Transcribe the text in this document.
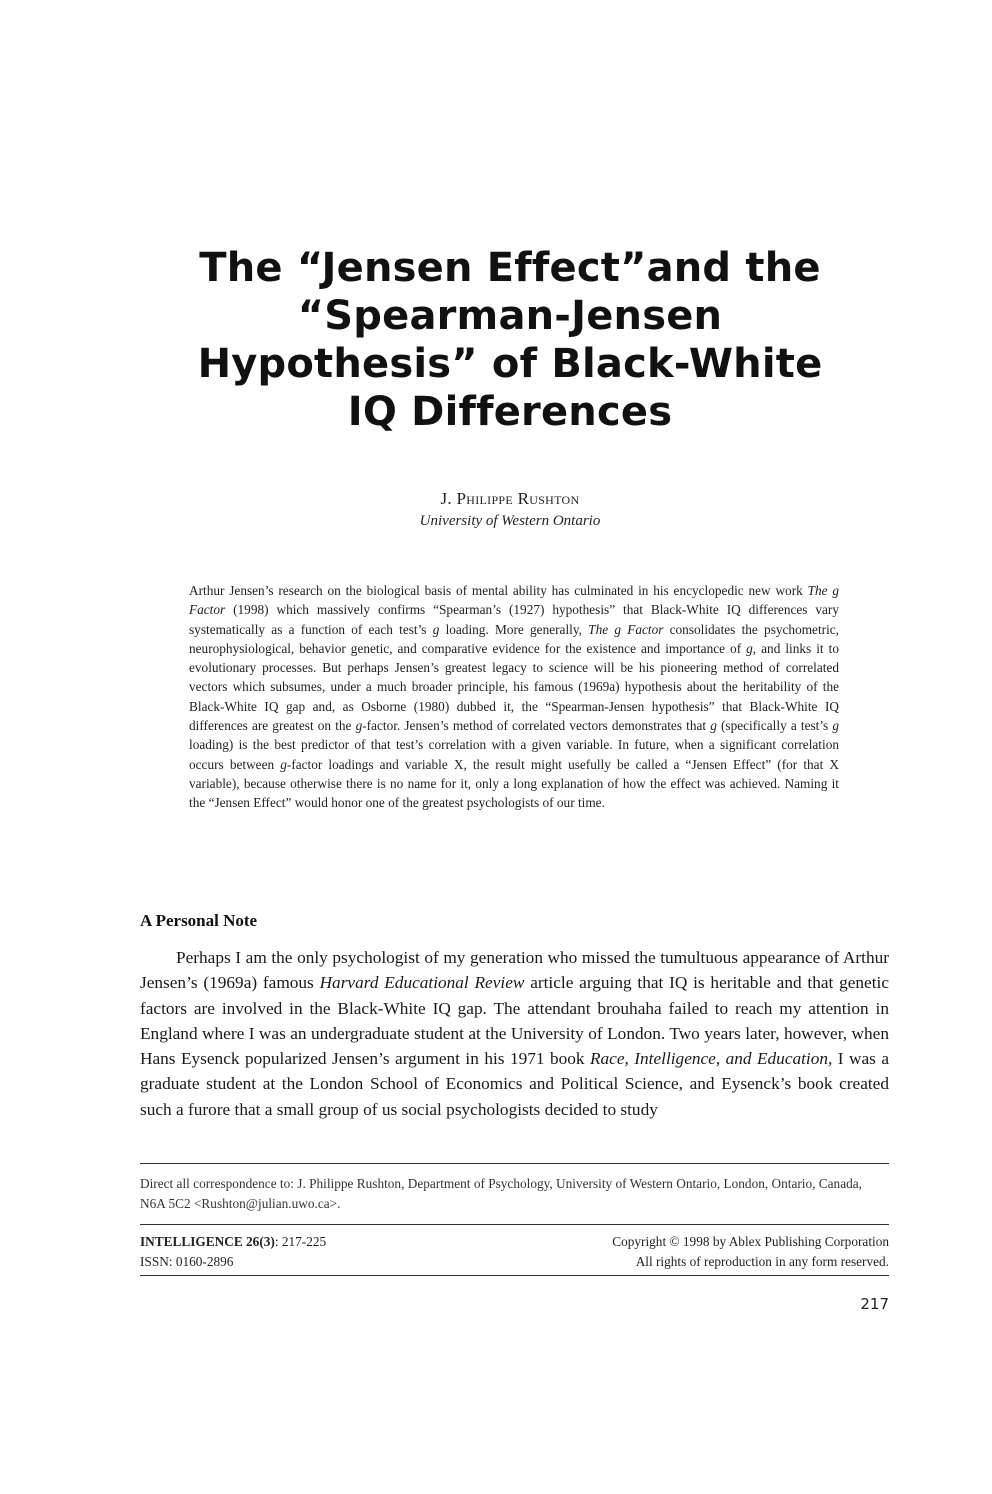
The “Jensen Effect”and the
“Spearman-Jensen
Hypothesis” of Black-White
IQ Differences
J. Philippe Rushton
University of Western Ontario

Arthur Jensen’s research on the biological basis of mental ability has culminated in his encyclopedic new work The g Factor (1998) which massively confirms “Spearman’s (1927) hypothesis” that Black-White IQ differences vary systematically as a function of each test’s g loading. More generally, The g Factor consolidates the psychometric, neurophysiological, behavior genetic, and comparative evidence for the existence and importance of g, and links it to evolutionary processes. But perhaps Jensen’s greatest legacy to science will be his pioneering method of correlated vectors which subsumes, under a much broader principle, his famous (1969a) hypothesis about the heritability of the Black-White IQ gap and, as Osborne (1980) dubbed it, the “Spearman-Jensen hypothesis” that Black-White IQ differences are greatest on the g-factor. Jensen’s method of correlated vectors demonstrates that g (specifically a test’s g loading) is the best predictor of that test’s correlation with a given variable. In future, when a significant correlation occurs between g-factor loadings and variable X, the result might usefully be called a “Jensen Effect” (for that X variable), because otherwise there is no name for it, only a long explanation of how the effect was achieved. Naming it the “Jensen Effect” would honor one of the greatest psychologists of our time.

A Personal Note

Perhaps I am the only psychologist of my generation who missed the tumultuous appearance of Arthur Jensen’s (1969a) famous Harvard Educational Review article arguing that IQ is heritable and that genetic factors are involved in the Black-White IQ gap. The attendant brouhaha failed to reach my attention in England where I was an undergraduate student at the University of London. Two years later, however, when Hans Eysenck popularized Jensen’s argument in his 1971 book Race, Intelligence, and Education, I was a graduate student at the London School of Economics and Political Science, and Eysenck’s book created such a furore that a small group of us social psychologists decided to study

Direct all correspondence to: J. Philippe Rushton, Department of Psychology, University of Western Ontario, London, Ontario, Canada, N6A 5C2 <Rushton@julian.uwo.ca>.
INTELLIGENCE 26(3): 217-225
ISSN: 0160-2896
Copyright © 1998 by Ablex Publishing Corporation
All rights of reproduction in any form reserved.
217
